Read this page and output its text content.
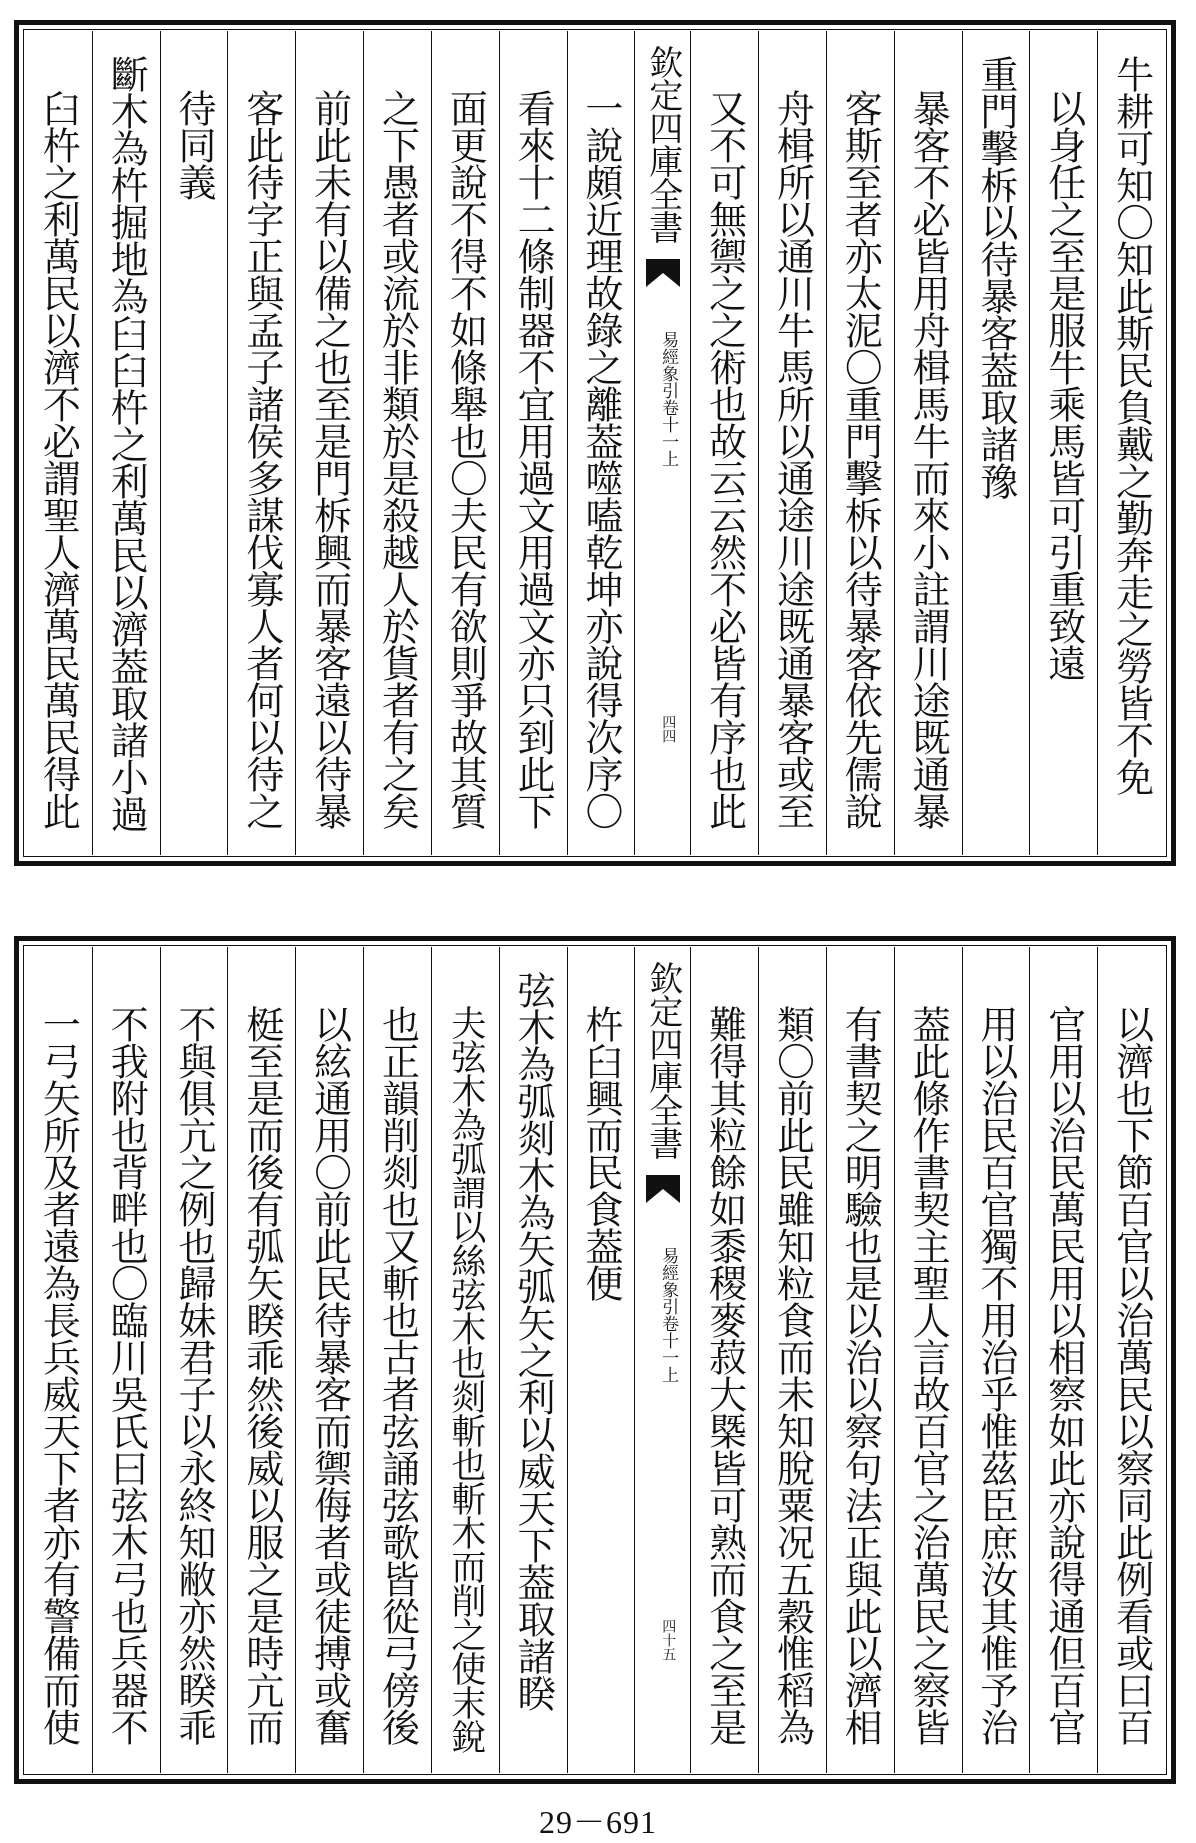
牛耕可知〇知此斯民負戴之勤奔走之勞皆不免
以身任之至是服牛乘馬皆可引重致遠
重門擊柝以待暴客葢取諸豫
暴客不必皆用舟楫馬牛而來小註謂川途既通暴
客斯至者亦太泥〇重門擊柝以待暴客依先儒說
舟楫所以通川牛馬所以通途川途既通暴客或至
又不可無禦之之術也故云云然不必皆有序也此
欽定四庫全書
易經象引卷十一上
四四
一說頗近理故錄之離葢噬嗑乾坤亦說得次序〇
看來十二條制器不宜用過文用過文亦只到此下
面更說不得不如條舉也〇夫民有欲則爭故其質
之下愚者或流於非類於是殺越人於貨者有之矣
前此未有以備之也至是門柝興而暴客遠以待暴
客此待字正與孟子諸侯多謀伐寡人者何以待之
待同義
斷木為杵掘地為臼臼杵之利萬民以濟葢取諸小過
臼杵之利萬民以濟不必謂聖人濟萬民萬民得此
以濟也下節百官以治萬民以察同此例看或曰百
官用以治民萬民用以相察如此亦說得通但百官
用以治民百官獨不用治乎惟茲臣庶汝其惟予治
葢此條作書契主聖人言故百官之治萬民之察皆
有書契之明驗也是以治以察句法正與此以濟相
類〇前此民雖知粒食而未知脫粟况五穀惟稻為
難得其粒餘如黍稷麥菽大槩皆可熟而食之至是
欽定四庫全書
易經象引卷十一上
四十五
杵臼興而民食葢便
弦木為弧剡木為矢弧矢之利以威天下葢取諸睽
夫弦木為弧謂以絲弦木也剡斬也斬木而削之使末銳
也正韻削剡也又斬也古者弦誦弦歌皆從弓傍後
以絃通用〇前此民待暴客而禦侮者或徒搏或奮
梃至是而後有弧矢睽乖然後威以服之是時亢而
不與俱亢之例也歸妹君子以永終知敝亦然睽乖
不我附也背畔也〇臨川吳氏曰弦木弓也兵器不
一弓矢所及者遠為長兵威天下者亦有警備而使
29－691
